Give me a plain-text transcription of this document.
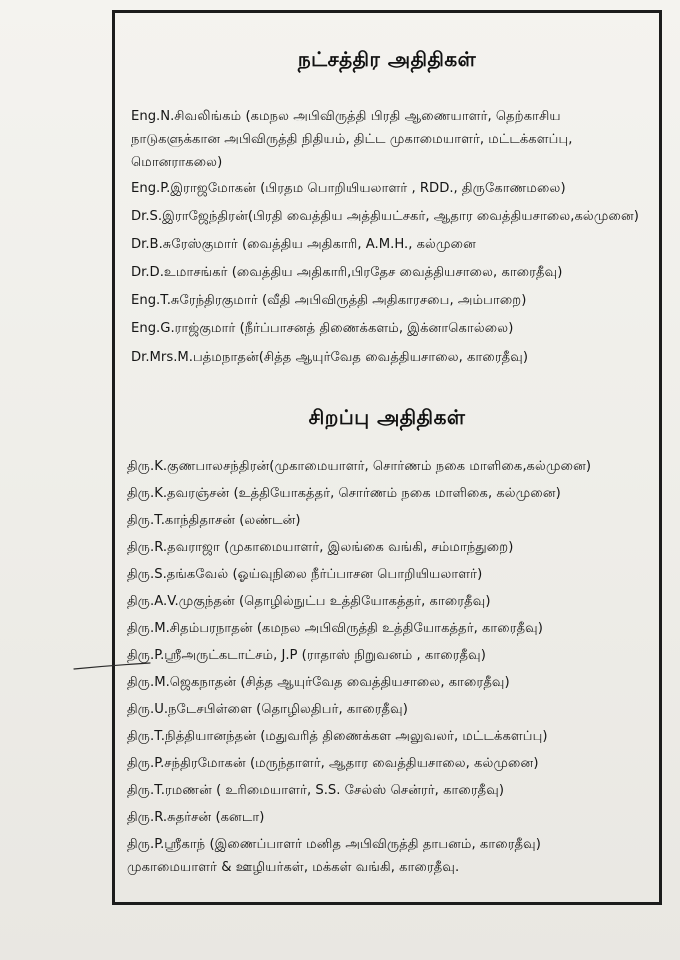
நட்சத்திர அதிதிகள்

Eng.N.சிவலிங்கம் (கமநல அபிவிருத்தி பிரதி ஆணையாளர், தெற்காசிய
நாடுகளுக்கான அபிவிருத்தி நிதியம், திட்ட முகாமையாளர், மட்டக்களப்பு,
மொனராகலை)

Eng.P.இராஜமோகன் (பிரதம பொறியியலாளர் , RDD., திருகோணமலை)

Dr.S.இராஜேந்திரன்(பிரதி வைத்திய அத்தியட்சகர், ஆதார வைத்தியசாலை,கல்முனை)

Dr.B.சுரேஸ்குமார் (வைத்திய அதிகாரி, A.M.H., கல்முனை

Dr.D.உமாசங்கர் (வைத்திய அதிகாரி,பிரதேச வைத்தியசாலை, காரைதீவு)

Eng.T.சுரேந்திரகுமார் (வீதி அபிவிருத்தி அதிகாரசபை, அம்பாறை)

Eng.G.ராஜ்குமார் (நீர்ப்பாசனத் திணைக்களம், இக்னாகொல்லை)

Dr.Mrs.M.பத்மநாதன்(சித்த ஆயுர்வேத வைத்தியசாலை, காரைதீவு)

சிறப்பு அதிதிகள்

திரு.K.குணபாலசந்திரன்(முகாமையாளர், சொர்ணம் நகை மாளிகை,கல்முனை)

திரு.K.தவரஞ்சன் (உத்தியோகத்தர், சொர்ணம் நகை மாளிகை, கல்முனை)

திரு.T.காந்திதாசன் (லண்டன்)

திரு.R.தவராஜா (முகாமையாளர், இலங்கை வங்கி, சம்மாந்துறை)

திரு.S.தங்கவேல் (ஓய்வுநிலை நீர்ப்பாசன பொறியியலாளர்)

திரு.A.V.முகுந்தன் (தொழில்நுட்ப உத்தியோகத்தர், காரைதீவு)

திரு.M.சிதம்பரநாதன் (கமநல அபிவிருத்தி உத்தியோகத்தர், காரைதீவு)

திரு.P.ஸ்ரீஅருட்கடாட்சம், J.P (ராதாஸ் நிறுவனம் , காரைதீவு)

திரு.M.ஜெகநாதன் (சித்த ஆயுர்வேத வைத்தியசாலை, காரைதீவு)

திரு.U.நடேசபிள்ளை (தொழிலதிபர், காரைதீவு)

திரு.T.நித்தியானந்தன் (மதுவரித் திணைக்கள அலுவலர், மட்டக்களப்பு)

திரு.P.சந்திரமோகன் (மருந்தாளர், ஆதார வைத்தியசாலை, கல்முனை)

திரு.T.ரமணன் ( உரிமையாளர், S.S. சேல்ஸ் சென்ரர், காரைதீவு)

திரு.R.சுதர்சன் (கனடா)

திரு.P.ஸ்ரீகாந் (இணைப்பாளர் மனித அபிவிருத்தி தாபனம், காரைதீவு)
முகாமையாளர் & ஊழியர்கள், மக்கள் வங்கி, காரைதீவு.
